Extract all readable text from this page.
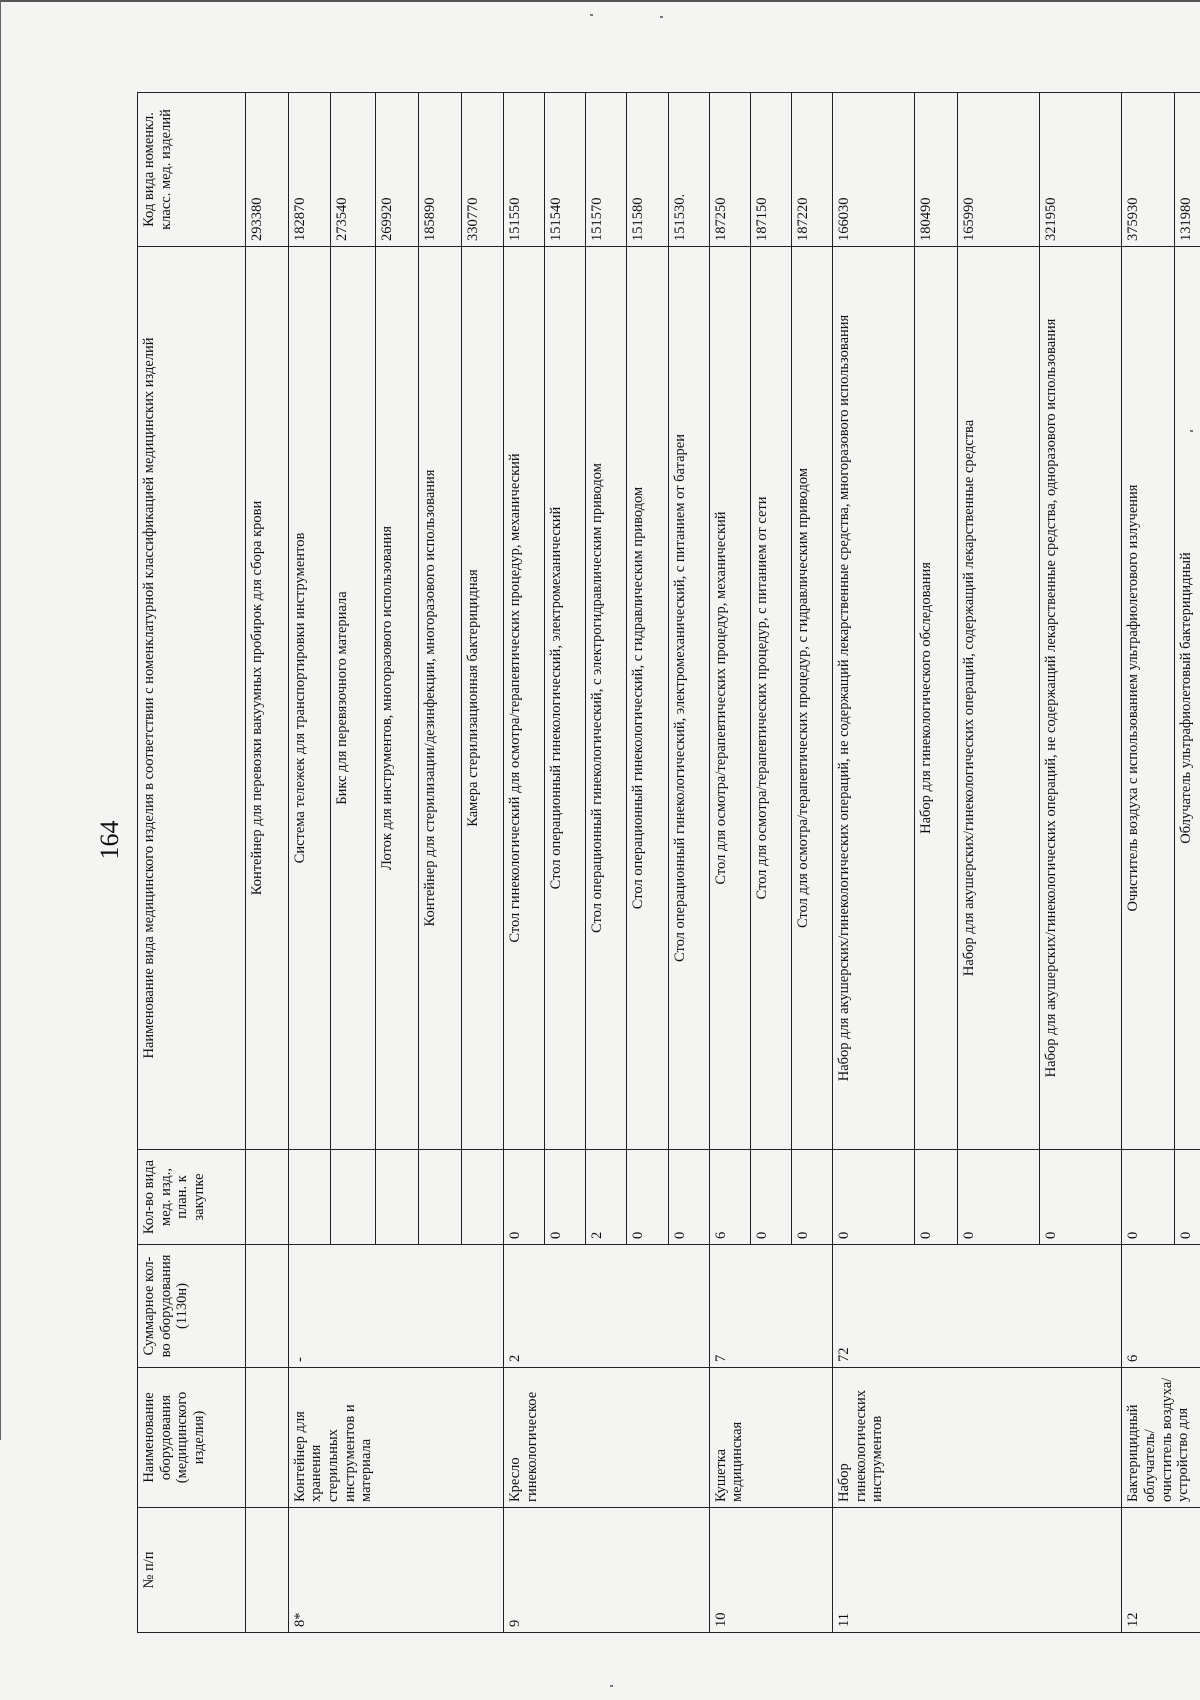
164
№ п/п	Наименование оборудования (медицинского изделия)	Суммарное кол-во оборудования (1130н)	Кол-во вида мед. изд., план. к закупке	Наименование вида медицинского изделия в соответствии с номенклатурной классификацией медицинских изделий	Код вида номенкл. класс. мед. изделий
				Контейнер для перевозки вакуумных пробирок для сбора крови	293380
8*	Контейнер для хранения стерильных инструментов и материала	-		Система тележек для транспортировки инструментов	182870
				Бикс для перевязочного материала	273540
				Лоток для инструментов, многоразового использования	269920
				Контейнер для стерилизации/дезинфекции, многоразового использования	185890
				Камера стерилизационная бактерицидная	330770
9	Кресло гинекологическое	2	0	Стол гинекологический для осмотра/терапевтических процедур, механический	151550
			0	Стол операционный гинекологический, электромеханический	151540
			2	Стол операционный гинекологический, с электрогидравлическим приводом	151570
			0	Стол операционный гинекологический, с гидравлическим приводом	151580
			0	Стол операционный гинекологический, электромеханический, с питанием от батареи	151530.
10	Кушетка медицинская	7	6	Стол для осмотра/терапевтических процедур, механический	187250
			0	Стол для осмотра/терапевтических процедур, с питанием от сети	187150
			0	Стол для осмотра/терапевтических процедур, с гидравлическим приводом	187220
11	Набор гинекологических инструментов	72	0	Набор для акушерских/гинекологических операций, не содержащий лекарственные средства, многоразового использования	166030
			0	Набор для гинекологического обследования	180490
			0	Набор для акушерских/гинекологических операций, содержащий лекарственные средства	165990
			0	Набор для акушерских/гинекологических операций, не содержащий лекарственные средства, одноразового использования	321950
12	Бактерицидный облучатель/очиститель воздуха/устройство для	6	0	Очиститель воздуха с использованием ультрафиолетового излучения	375930
			0	Облучатель ультрафиолетовый бактерицидный	131980
